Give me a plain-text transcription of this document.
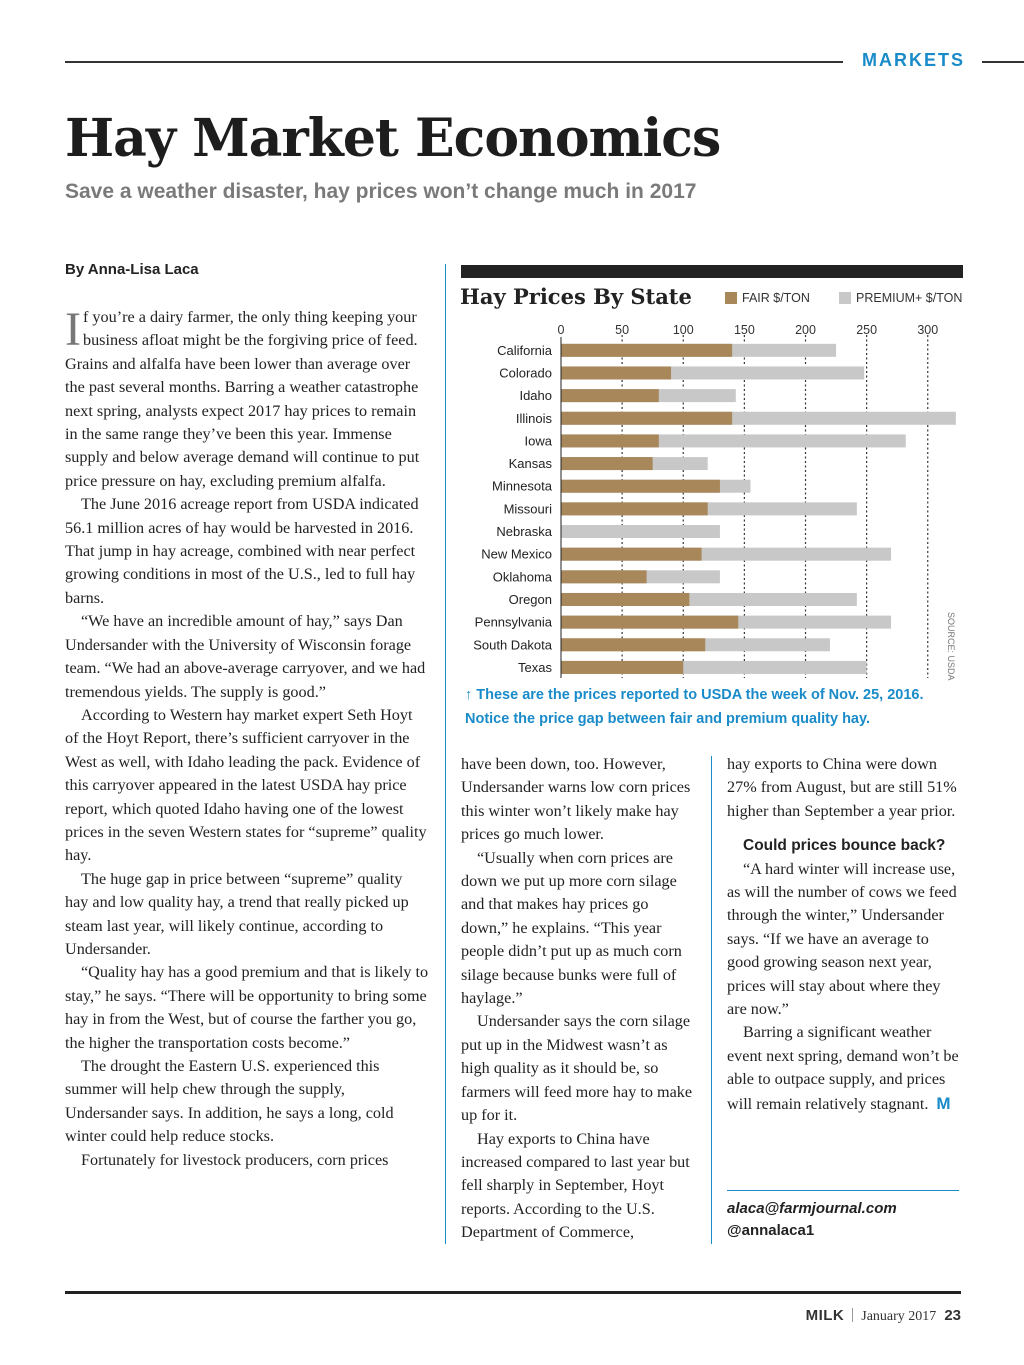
MARKETS
Hay Market Economics
Save a weather disaster, hay prices won’t change much in 2017
By Anna-Lisa Laca

If you’re a dairy farmer, the only thing keeping your business afloat might be the forgiving price of feed. Grains and alfalfa have been lower than average over the past several months. Barring a weather catastrophe next spring, analysts expect 2017 hay prices to remain in the same range they’ve been this year. Immense supply and below average demand will continue to put price pressure on hay, excluding premium alfalfa.

The June 2016 acreage report from USDA indicated 56.1 million acres of hay would be harvested in 2016. That jump in hay acreage, combined with near perfect growing conditions in most of the U.S., led to full hay barns.

“We have an incredible amount of hay,” says Dan Undersander with the University of Wisconsin forage team. “We had an above-average carryover, and we had tremendous yields. The supply is good.”

According to Western hay market expert Seth Hoyt of the Hoyt Report, there’s sufficient carryover in the West as well, with Idaho leading the pack. Evidence of this carryover appeared in the latest USDA hay price report, which quoted Idaho having one of the lowest prices in the seven Western states for “supreme” quality hay.

The huge gap in price between “supreme” quality hay and low quality hay, a trend that really picked up steam last year, will likely continue, according to Undersander.

“Quality hay has a good premium and that is likely to stay,” he says. “There will be opportunity to bring some hay in from the West, but of course the farther you go, the higher the transportation costs become.”

The drought the Eastern U.S. experienced this summer will help chew through the supply, Undersander says. In addition, he says a long, cold winter could help reduce stocks.

Fortunately for livestock producers, corn prices

Hay Prices By State	FAIR $/TON	PREMIUM+ $/TON
0	50	100	150	200	250	300
California
Colorado
Idaho
Illinois
Iowa
Kansas
Minnesota
Missouri
Nebraska
New Mexico
Oklahoma
Oregon
Pennsylvania
South Dakota
Texas	SOURCE: USDA
↑ These are the prices reported to USDA the week of Nov. 25, 2016. Notice the price gap between fair and premium quality hay.

have been down, too. However, Undersander warns low corn prices this winter won’t likely make hay prices go much lower.

“Usually when corn prices are down we put up more corn silage and that makes hay prices go down,” he explains. “This year people didn’t put up as much corn silage because bunks were full of haylage.”

Undersander says the corn silage put up in the Midwest wasn’t as high quality as it should be, so farmers will feed more hay to make up for it.

Hay exports to China have increased compared to last year but fell sharply in September, Hoyt reports. According to the U.S. Department of Commerce,

hay exports to China were down 27% from August, but are still 51% higher than September a year prior.

Could prices bounce back?

“A hard winter will increase use, as will the number of cows we feed through the winter,” Undersander says. “If we have an average to good growing season next year, prices will stay about where they are now.”

Barring a significant weather event next spring, demand won’t be able to outpace supply, and prices will remain relatively stagnant. M

alaca@farmjournal.com
@annalaca1
MILK January 2017 23
